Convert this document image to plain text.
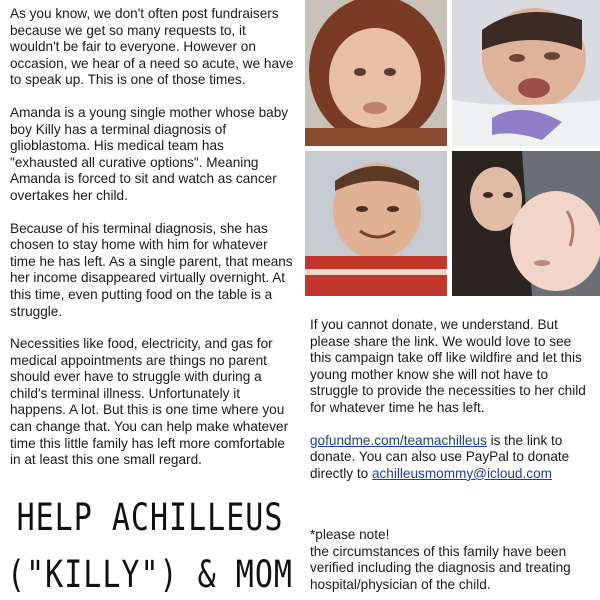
As you know, we don't often post fundraisers because we get so many requests to, it wouldn't be fair to everyone. However on occasion, we hear of a need so acute, we have to speak up. This is one of those times.

Amanda is a young single mother whose baby boy Killy has a terminal diagnosis of glioblastoma. His medical team has "exhausted all curative options". Meaning Amanda is forced to sit and watch as cancer overtakes her child.

Because of his terminal diagnosis, she has chosen to stay home with him for whatever time he has left. As a single parent, that means her income disappeared virtually overnight. At this time, even putting food on the table is a struggle.

Necessities like food, electricity, and gas for medical appointments are things no parent should ever have to struggle with during a child's terminal illness. Unfortunately it happens. A lot. But this is one time where you can change that. You can help make whatever time this little family has left more comfortable in at least this one small regard.

HELP ACHILLEUS
("KILLY") & MOM

If you cannot donate, we understand. But please share the link. We would love to see this campaign take off like wildfire and let this young mother know she will not have to struggle to provide the necessities to her child for whatever time he has left.

gofundme.com/teamachilleus is the link to donate. You can also use PayPal to donate directly to achilleusmommy@icloud.com

*please note!
the circumstances of this family have been verified including the diagnosis and treating hospital/physician of the child.
